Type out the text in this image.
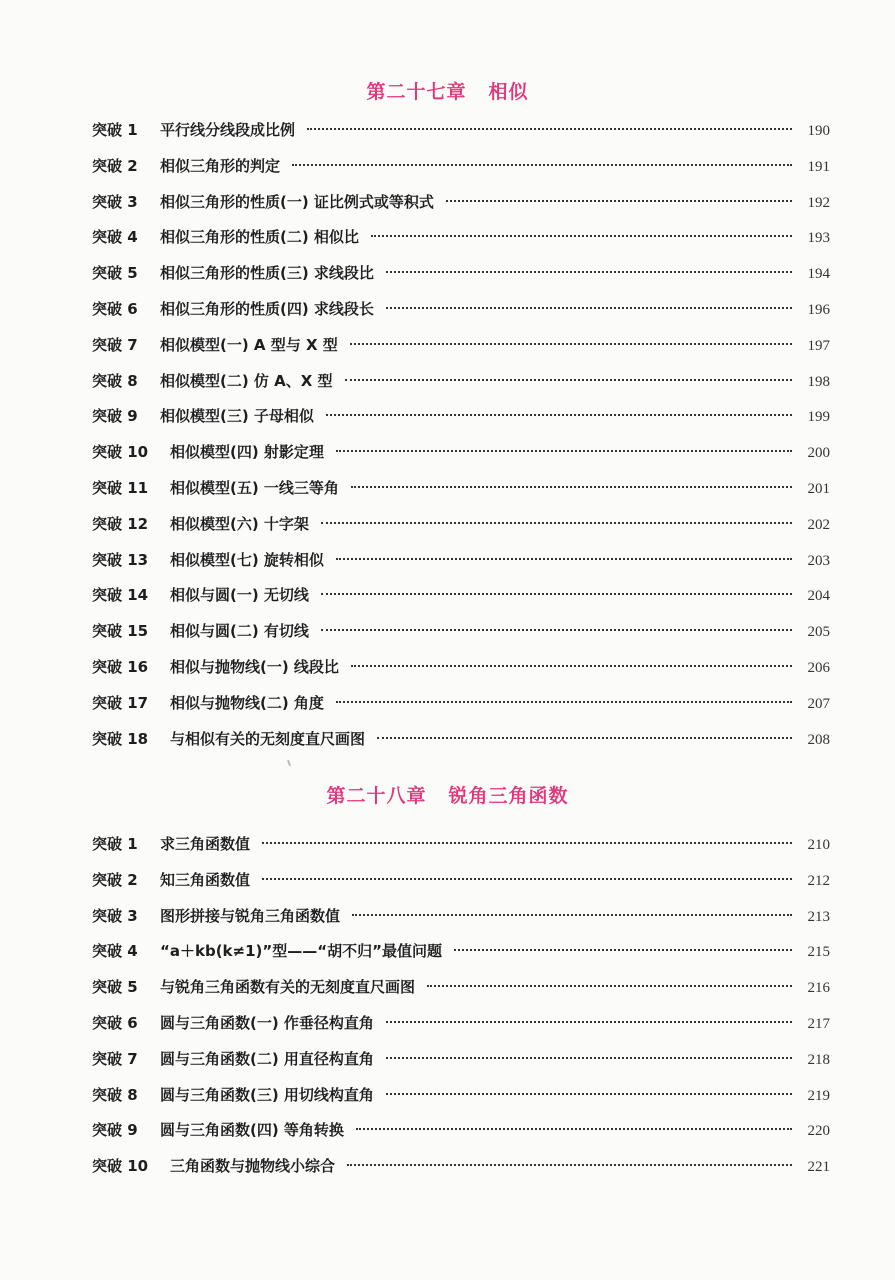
第二十七章 相似
突破 1	平行线分线段成比例	190
突破 2	相似三角形的判定	191
突破 3	相似三角形的性质(一) 证比例式或等积式	192
突破 4	相似三角形的性质(二) 相似比	193
突破 5	相似三角形的性质(三) 求线段比	194
突破 6	相似三角形的性质(四) 求线段长	196
突破 7	相似模型(一) A 型与 X 型	197
突破 8	相似模型(二) 仿 A、X 型	198
突破 9	相似模型(三) 子母相似	199
突破 10	相似模型(四) 射影定理	200
突破 11	相似模型(五) 一线三等角	201
突破 12	相似模型(六) 十字架	202
突破 13	相似模型(七) 旋转相似	203
突破 14	相似与圆(一) 无切线	204
突破 15	相似与圆(二) 有切线	205
突破 16	相似与抛物线(一) 线段比	206
突破 17	相似与抛物线(二) 角度	207
突破 18	与相似有关的无刻度直尺画图	208
第二十八章 锐角三角函数
突破 1	求三角函数值	210
突破 2	知三角函数值	212
突破 3	图形拼接与锐角三角函数值	213
突破 4	“a＋kb(k≠1)”型——“胡不归”最值问题	215
突破 5	与锐角三角函数有关的无刻度直尺画图	216
突破 6	圆与三角函数(一) 作垂径构直角	217
突破 7	圆与三角函数(二) 用直径构直角	218
突破 8	圆与三角函数(三) 用切线构直角	219
突破 9	圆与三角函数(四) 等角转换	220
突破 10	三角函数与抛物线小综合	221
